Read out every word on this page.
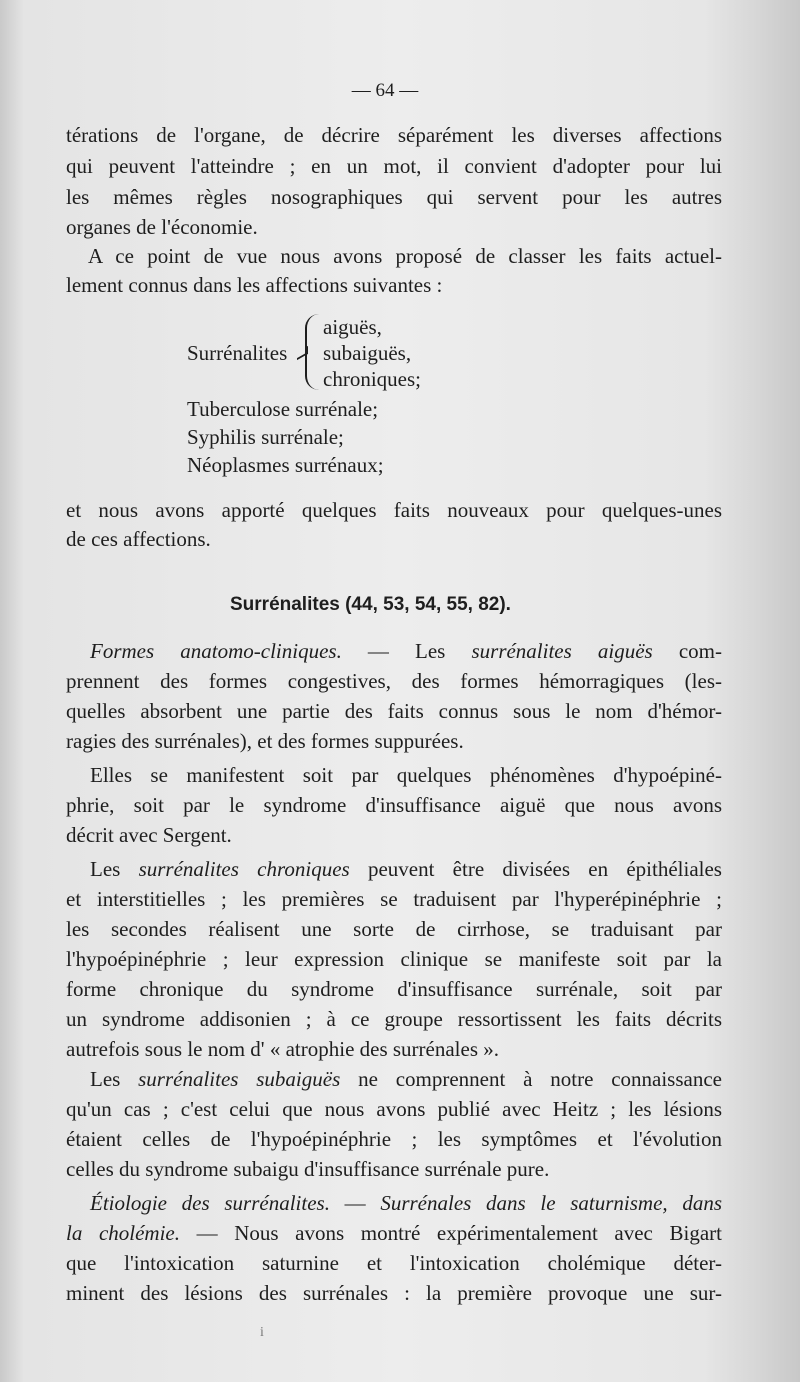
— 64 —
térations de l'organe, de décrire séparément les diverses affections
qui peuvent l'atteindre ; en un mot, il convient d'adopter pour lui
les mêmes règles nosographiques qui servent pour les autres
organes de l'économie.
A ce point de vue nous avons proposé de classer les faits actuel-
lement connus dans les affections suivantes :
Surrénalites
aiguës,
subaiguës,
chroniques;
Tuberculose surrénale;
Syphilis surrénale;
Néoplasmes surrénaux;
et nous avons apporté quelques faits nouveaux pour quelques-unes
de ces affections.
Surrénalites (44, 53, 54, 55, 82).
Formes anatomo-cliniques. — Les surrénalites aiguës com-
prennent des formes congestives, des formes hémorragiques (les-
quelles absorbent une partie des faits connus sous le nom d'hémor-
ragies des surrénales), et des formes suppurées.
Elles se manifestent soit par quelques phénomènes d'hypoépiné-
phrie, soit par le syndrome d'insuffisance aiguë que nous avons
décrit avec Sergent.
Les surrénalites chroniques peuvent être divisées en épithéliales
et interstitielles ; les premières se traduisent par l'hyperépinéphrie ;
les secondes réalisent une sorte de cirrhose, se traduisant par
l'hypoépinéphrie ; leur expression clinique se manifeste soit par la
forme chronique du syndrome d'insuffisance surrénale, soit par
un syndrome addisonien ; à ce groupe ressortissent les faits décrits
autrefois sous le nom d' « atrophie des surrénales ».
Les surrénalites subaiguës ne comprennent à notre connaissance
qu'un cas ; c'est celui que nous avons publié avec Heitz ; les lésions
étaient celles de l'hypoépinéphrie ; les symptômes et l'évolution
celles du syndrome subaigu d'insuffisance surrénale pure.
Étiologie des surrénalites. — Surrénales dans le saturnisme, dans
la cholémie. — Nous avons montré expérimentalement avec Bigart
que l'intoxication saturnine et l'intoxication cholémique déter-
minent des lésions des surrénales : la première provoque une sur-
i
